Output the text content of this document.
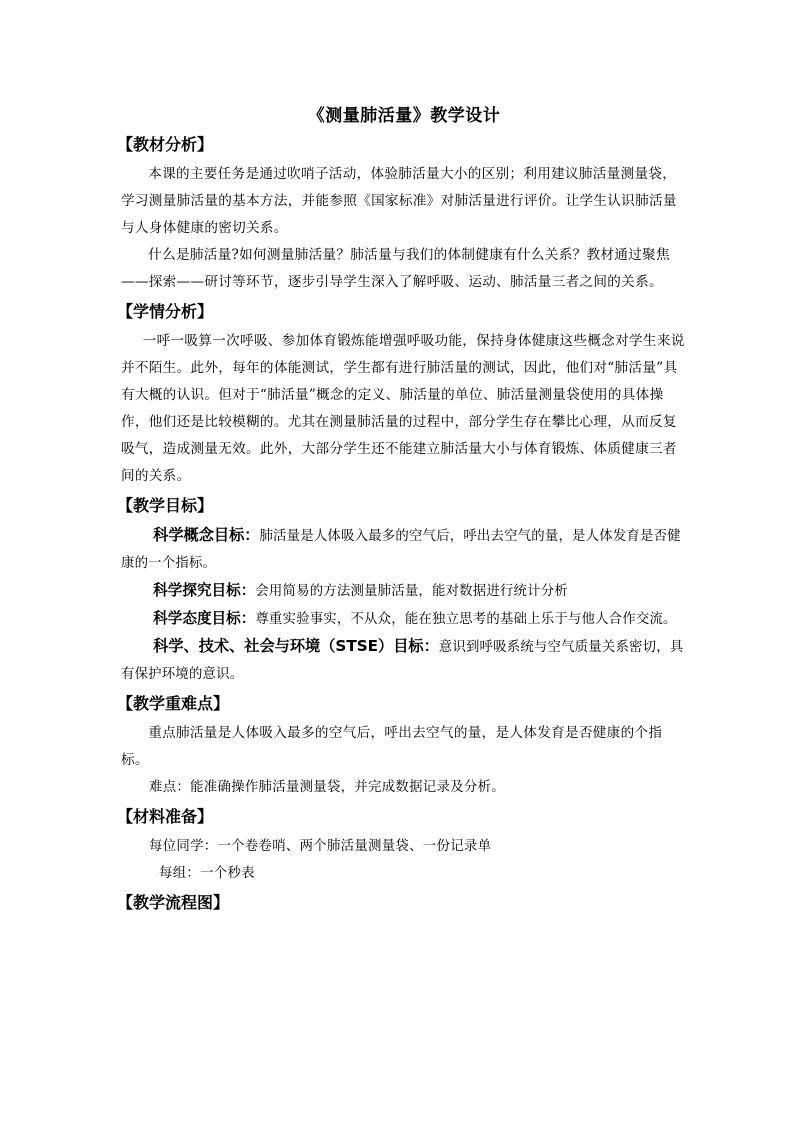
《测量肺活量》教学设计
【教材分析】

本课的主要任务是通过吹哨子活动，体验肺活量大小的区别；利用建议肺活量测量袋，学习测量肺活量的基本方法，并能参照《国家标准》对肺活量进行评价。让学生认识肺活量与人身体健康的密切关系。

什么是肺活量?如何测量肺活量？肺活量与我们的体制健康有什么关系？教材通过聚焦——探索——研讨等环节，逐步引导学生深入了解呼吸、运动、肺活量三者之间的关系。

【学情分析】

一呼一吸算一次呼吸、参加体育锻炼能增强呼吸功能，保持身体健康这些概念对学生来说并不陌生。此外，每年的体能测试，学生都有进行肺活量的测试，因此，他们对“肺活量”具有大概的认识。但对于“肺活量”概念的定义、肺活量的单位、肺活量测量袋使用的具体操作，他们还是比较模糊的。尤其在测量肺活量的过程中，部分学生存在攀比心理，从而反复吸气，造成测量无效。此外，大部分学生还不能建立肺活量大小与体育锻炼、体质健康三者间的关系。

【教学目标】

科学概念目标：肺活量是人体吸入最多的空气后，呼出去空气的量，是人体发育是否健康的一个指标。

科学探究目标：会用简易的方法测量肺活量，能对数据进行统计分析

科学态度目标：尊重实验事实，不从众，能在独立思考的基础上乐于与他人合作交流。

科学、技术、社会与环境（STSE）目标：意识到呼吸系统与空气质量关系密切，具有保护环境的意识。

【教学重难点】

重点肺活量是人体吸入最多的空气后，呼出去空气的量，是人体发育是否健康的个指标。

难点：能准确操作肺活量测量袋，并完成数据记录及分析。

【材料准备】

每位同学：一个卷卷哨、两个肺活量测量袋、一份记录单

每组：一个秒表

【教学流程图】
